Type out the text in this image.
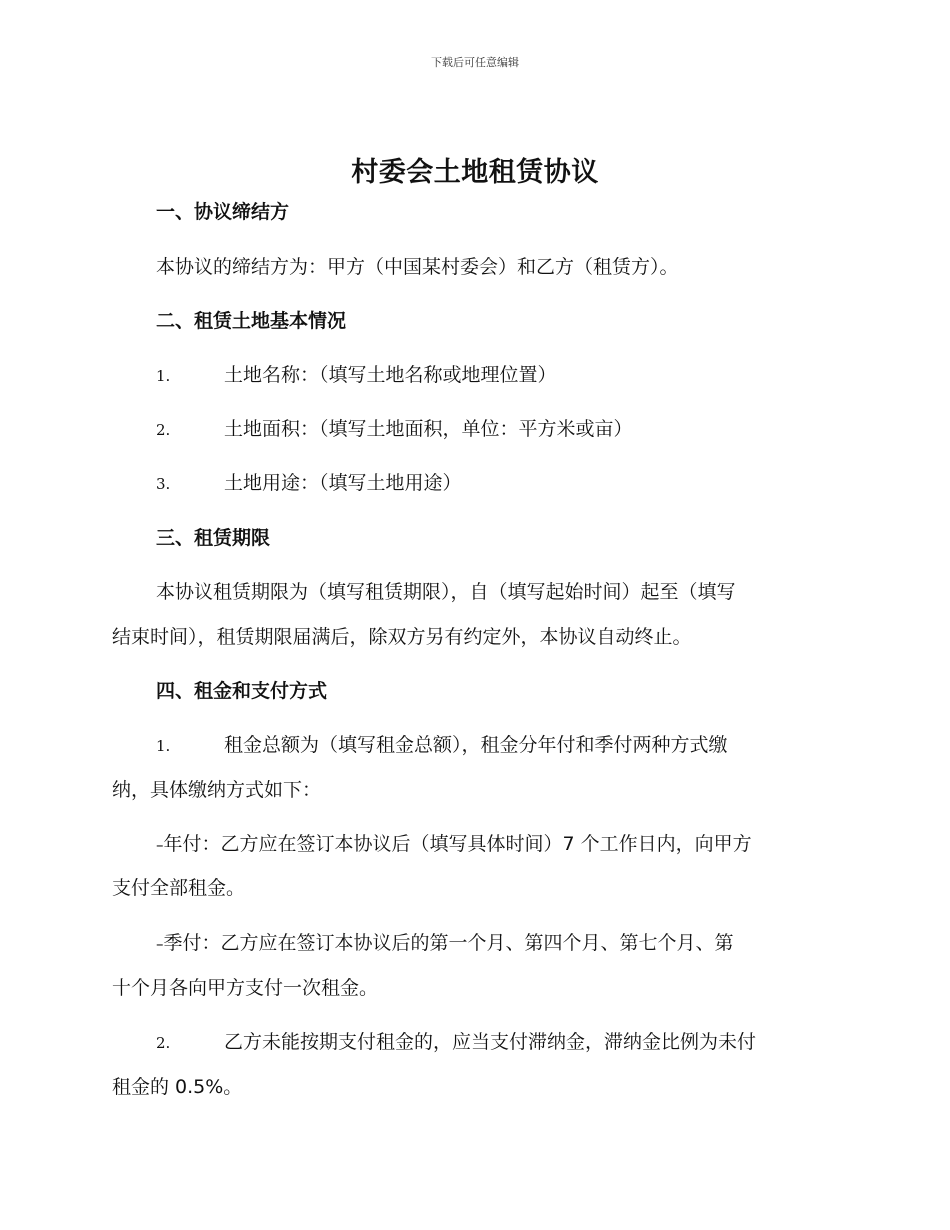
下载后可任意编辑
村委会土地租赁协议
一、协议缔结方
本协议的缔结方为：甲方（中国某村委会）和乙方（租赁方）。
二、租赁土地基本情况
1.	土地名称：（填写土地名称或地理位置）
2.	土地面积：（填写土地面积，单位：平方米或亩）
3.	土地用途：（填写土地用途）
三、租赁期限
本协议租赁期限为（填写租赁期限），自（填写起始时间）起至（填写
结束时间），租赁期限届满后，除双方另有约定外，本协议自动终止。
四、租金和支付方式
1.	租金总额为（填写租金总额），租金分年付和季付两种方式缴
纳，具体缴纳方式如下：
–年付：乙方应在签订本协议后（填写具体时间）7 个工作日内，向甲方
支付全部租金。
–季付：乙方应在签订本协议后的第一个月、第四个月、第七个月、第
十个月各向甲方支付一次租金。
2.	乙方未能按期支付租金的，应当支付滞纳金，滞纳金比例为未付
租金的 0.5%。
